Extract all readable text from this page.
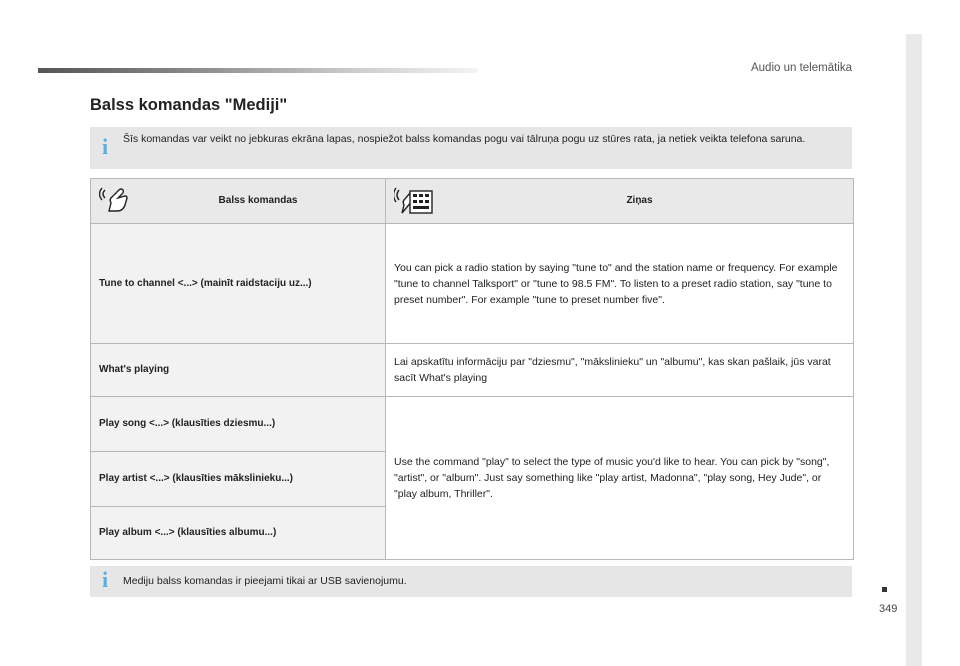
Audio un telemātika
Balss komandas "Mediji"
i Šīs komandas var veikt no jebkuras ekrāna lapas, nospiežot balss komandas pogu vai tālruņa pogu uz stūres rata, ja netiek veikta telefona saruna.
Balss komandas	Ziņas

Tune to channel <...> (mainīt raidstaciju uz...)	You can pick a radio station by saying "tune to" and the station name or frequency. For example "tune to channel Talksport" or "tune to 98.5 FM". To listen to a preset radio station, say "tune to preset number". For example "tune to preset number five".
What's playing	Lai apskatītu informāciju par "dziesmu", "mākslinieku" un "albumu", kas skan pašlaik, jūs varat sacīt What's playing
Play song <...> (klausīties dziesmu...)	Use the command "play" to select the type of music you'd like to hear. You can pick by "song", "artist", or "album". Just say something like "play artist, Madonna", "play song, Hey Jude", or "play album, Thriller".
Play artist <...> (klausīties mākslinieku...)	
Play album <...> (klausīties albumu...)	
i Mediju balss komandas ir pieejami tikai ar USB savienojumu.
349
